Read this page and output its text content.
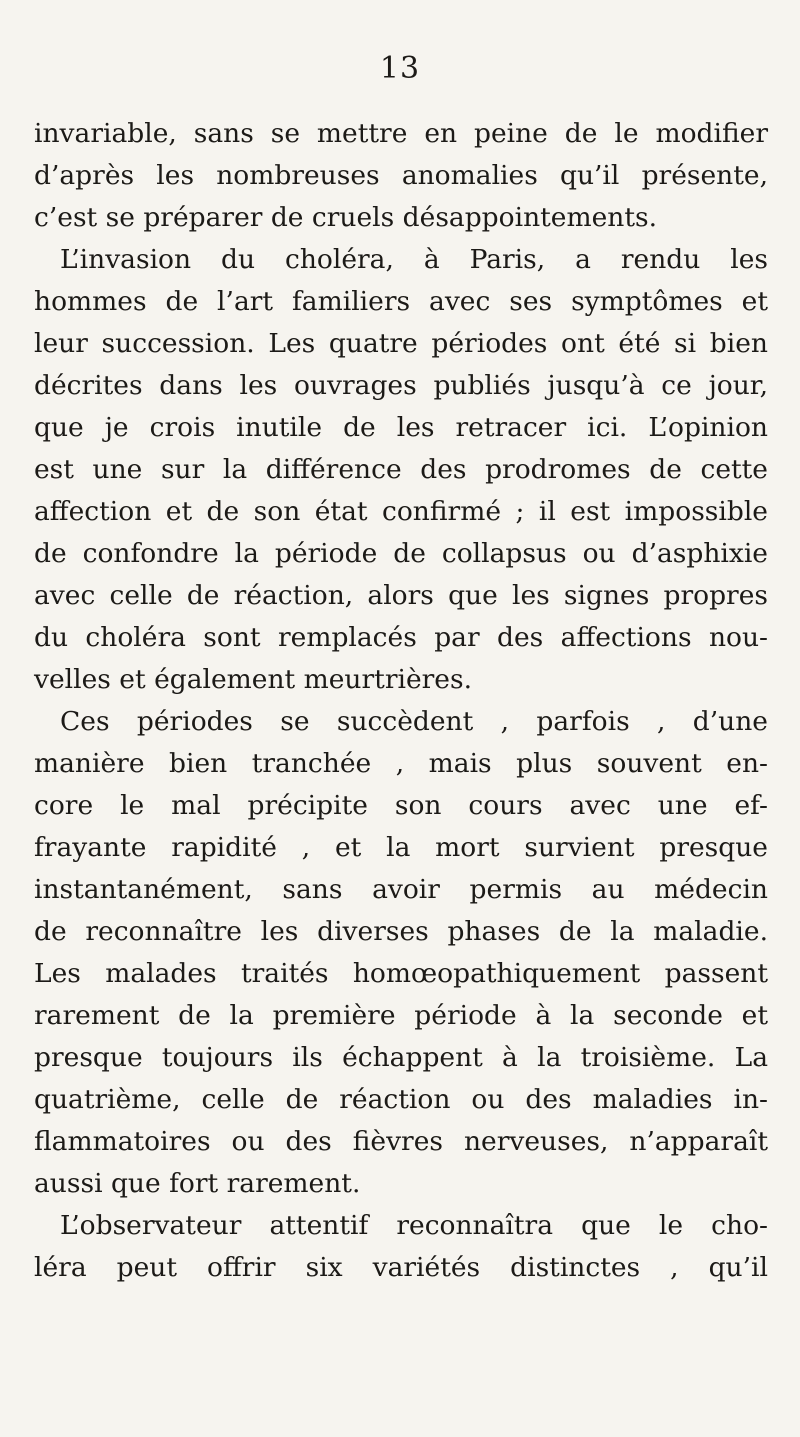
13
invariable, sans se mettre en peine de le modifier
d’après les nombreuses anomalies qu’il présente,
c’est se préparer de cruels désappointements.
L’invasion du choléra, à Paris, a rendu les
hommes de l’art familiers avec ses symptômes et
leur succession. Les quatre périodes ont été si bien
décrites dans les ouvrages publiés jusqu’à ce jour,
que je crois inutile de les retracer ici. L’opinion
est une sur la différence des prodromes de cette
affection et de son état confirmé ; il est impossible
de confondre la période de collapsus ou d’asphixie
avec celle de réaction, alors que les signes propres
du choléra sont remplacés par des affections nou-
velles et également meurtrières.
Ces périodes se succèdent , parfois , d’une
manière bien tranchée , mais plus souvent en-
core le mal précipite son cours avec une ef-
frayante rapidité , et la mort survient presque
instantanément, sans avoir permis au médecin
de reconnaître les diverses phases de la maladie.
Les malades traités homœopathiquement passent
rarement de la première période à la seconde et
presque toujours ils échappent à la troisième. La
quatrième, celle de réaction ou des maladies in-
flammatoires ou des fièvres nerveuses, n’apparaît
aussi que fort rarement.
L’observateur attentif reconnaîtra que le cho-
léra peut offrir six variétés distinctes , qu’il
